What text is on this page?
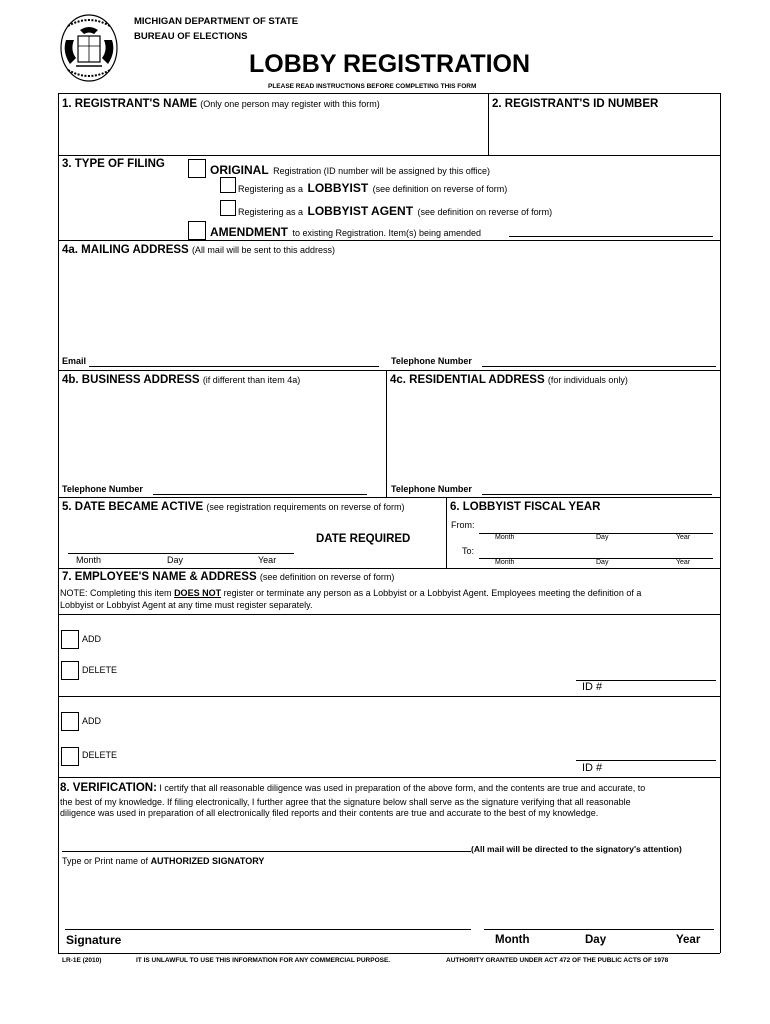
MICHIGAN DEPARTMENT OF STATE
BUREAU OF ELECTIONS
LOBBY REGISTRATION
PLEASE READ INSTRUCTIONS BEFORE COMPLETING THIS FORM
1. REGISTRANT'S NAME (Only one person may register with this form)	2. REGISTRANT'S ID NUMBER
3. TYPE OF FILING	ORIGINAL Registration (ID number will be assigned by this office)
Registering as a LOBBYIST (see definition on reverse of form)
Registering as a LOBBYIST AGENT (see definition on reverse of form)
AMENDMENT to existing Registration. Item(s) being amended
4a. MAILING ADDRESS (All mail will be sent to this address)
Email	Telephone Number
4b. BUSINESS ADDRESS (if different than item 4a)	4c. RESIDENTIAL ADDRESS (for individuals only)
Telephone Number	Telephone Number
5. DATE BECAME ACTIVE (see registration requirements on reverse of form)
DATE REQUIRED
Month	Day	Year
6. LOBBYIST FISCAL YEAR
From:
Month	Day	Year
To:
Month	Day	Year
7. EMPLOYEE'S NAME & ADDRESS (see definition on reverse of form)
NOTE: Completing this item DOES NOT register or terminate any person as a Lobbyist or a Lobbyist Agent. Employees meeting the definition of a
Lobbyist or Lobbyist Agent at any time must register separately.
ADD
DELETE
ID #
ADD
DELETE
ID #
8. VERIFICATION: I certify that all reasonable diligence was used in preparation of the above form, and the contents are true and accurate, to
the best of my knowledge. If filing electronically, I further agree that the signature below shall serve as the signature verifying that all reasonable
diligence was used in preparation of all electronically filed reports and their contents are true and accurate to the best of my knowledge.
(All mail will be directed to the signatory's attention)
Type or Print name of AUTHORIZED SIGNATORY
Signature	Month	Day	Year
LR-1E (2010)	IT IS UNLAWFUL TO USE THIS INFORMATION FOR ANY COMMERCIAL PURPOSE.	AUTHORITY GRANTED UNDER ACT 472 OF THE PUBLIC ACTS OF 1978
